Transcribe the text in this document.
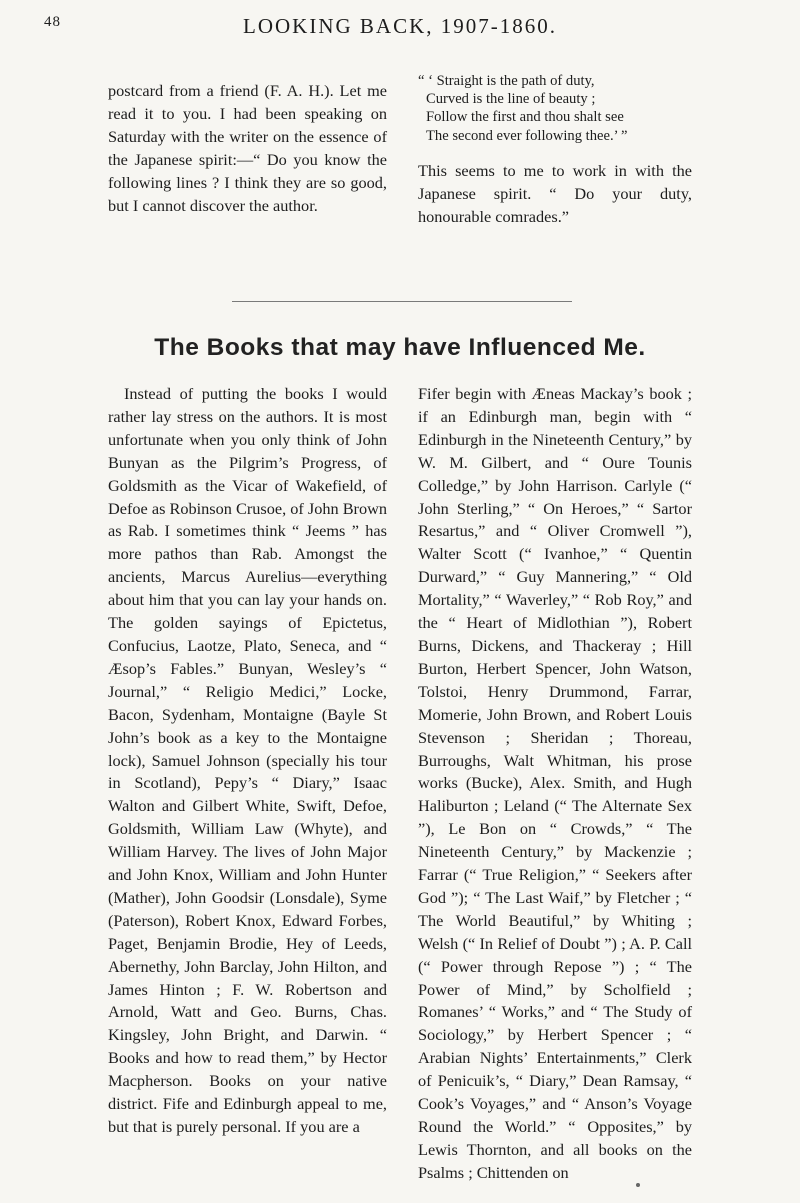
48	LOOKING BACK, 1907-1860.

postcard from a friend (F. A. H.). Let me read it to you. I had been speaking on Saturday with the writer on the essence of the Japanese spirit:—“ Do you know the following lines ? I think they are so good, but I cannot discover the author.

“ ‘ Straight is the path of duty,
Curved is the line of beauty ;
Follow the first and thou shalt see
The second ever following thee.’ ”

This seems to me to work in with the Japanese spirit. “ Do your duty, honourable comrades.”

The Books that may have Influenced Me.

Instead of putting the books I would rather lay stress on the authors. It is most unfortunate when you only think of John Bunyan as the Pilgrim’s Progress, of Goldsmith as the Vicar of Wakefield, of Defoe as Robinson Crusoe, of John Brown as Rab. I sometimes think “ Jeems ” has more pathos than Rab. Amongst the ancients, Marcus Aurelius—everything about him that you can lay your hands on. The golden sayings of Epictetus, Confucius, Laotze, Plato, Seneca, and “ Æsop’s Fables.” Bunyan, Wesley’s “ Journal,” “ Religio Medici,” Locke, Bacon, Sydenham, Montaigne (Bayle St John’s book as a key to the Montaigne lock), Samuel Johnson (specially his tour in Scotland), Pepy’s “ Diary,” Isaac Walton and Gilbert White, Swift, Defoe, Goldsmith, William Law (Whyte), and William Harvey. The lives of John Major and John Knox, William and John Hunter (Mather), John Goodsir (Lonsdale), Syme (Paterson), Robert Knox, Edward Forbes, Paget, Benjamin Brodie, Hey of Leeds, Abernethy, John Barclay, John Hilton, and James Hinton ; F. W. Robertson and Arnold, Watt and Geo. Burns, Chas. Kingsley, John Bright, and Darwin. “ Books and how to read them,” by Hector Macpherson. Books on your native district. Fife and Edinburgh appeal to me, but that is purely personal. If you are a

Fifer begin with Æneas Mackay’s book ; if an Edinburgh man, begin with “ Edinburgh in the Nineteenth Century,” by W. M. Gilbert, and “ Oure Tounis Colledge,” by John Harrison. Carlyle (“ John Sterling,” “ On Heroes,” “ Sartor Resartus,” and “ Oliver Cromwell ”), Walter Scott (“ Ivanhoe,” “ Quentin Durward,” “ Guy Mannering,” “ Old Mortality,” “ Waverley,” “ Rob Roy,” and the “ Heart of Midlothian ”), Robert Burns, Dickens, and Thackeray ; Hill Burton, Herbert Spencer, John Watson, Tolstoi, Henry Drummond, Farrar, Momerie, John Brown, and Robert Louis Stevenson ; Sheridan ; Thoreau, Burroughs, Walt Whitman, his prose works (Bucke), Alex. Smith, and Hugh Haliburton ; Leland (“ The Alternate Sex ”), Le Bon on “ Crowds,” “ The Nineteenth Century,” by Mackenzie ; Farrar (“ True Religion,” “ Seekers after God ”); “ The Last Waif,” by Fletcher ; “ The World Beautiful,” by Whiting ; Welsh (“ In Relief of Doubt ”) ; A. P. Call (“ Power through Repose ”) ; “ The Power of Mind,” by Scholfield ; Romanes’ “ Works,” and “ The Study of Sociology,” by Herbert Spencer ; “ Arabian Nights’ Entertainments,” Clerk of Penicuik’s, “ Diary,” Dean Ramsay, “ Cook’s Voyages,” and “ Anson’s Voyage Round the World.” “ Opposites,” by Lewis Thornton, and all books on the Psalms ; Chittenden on
